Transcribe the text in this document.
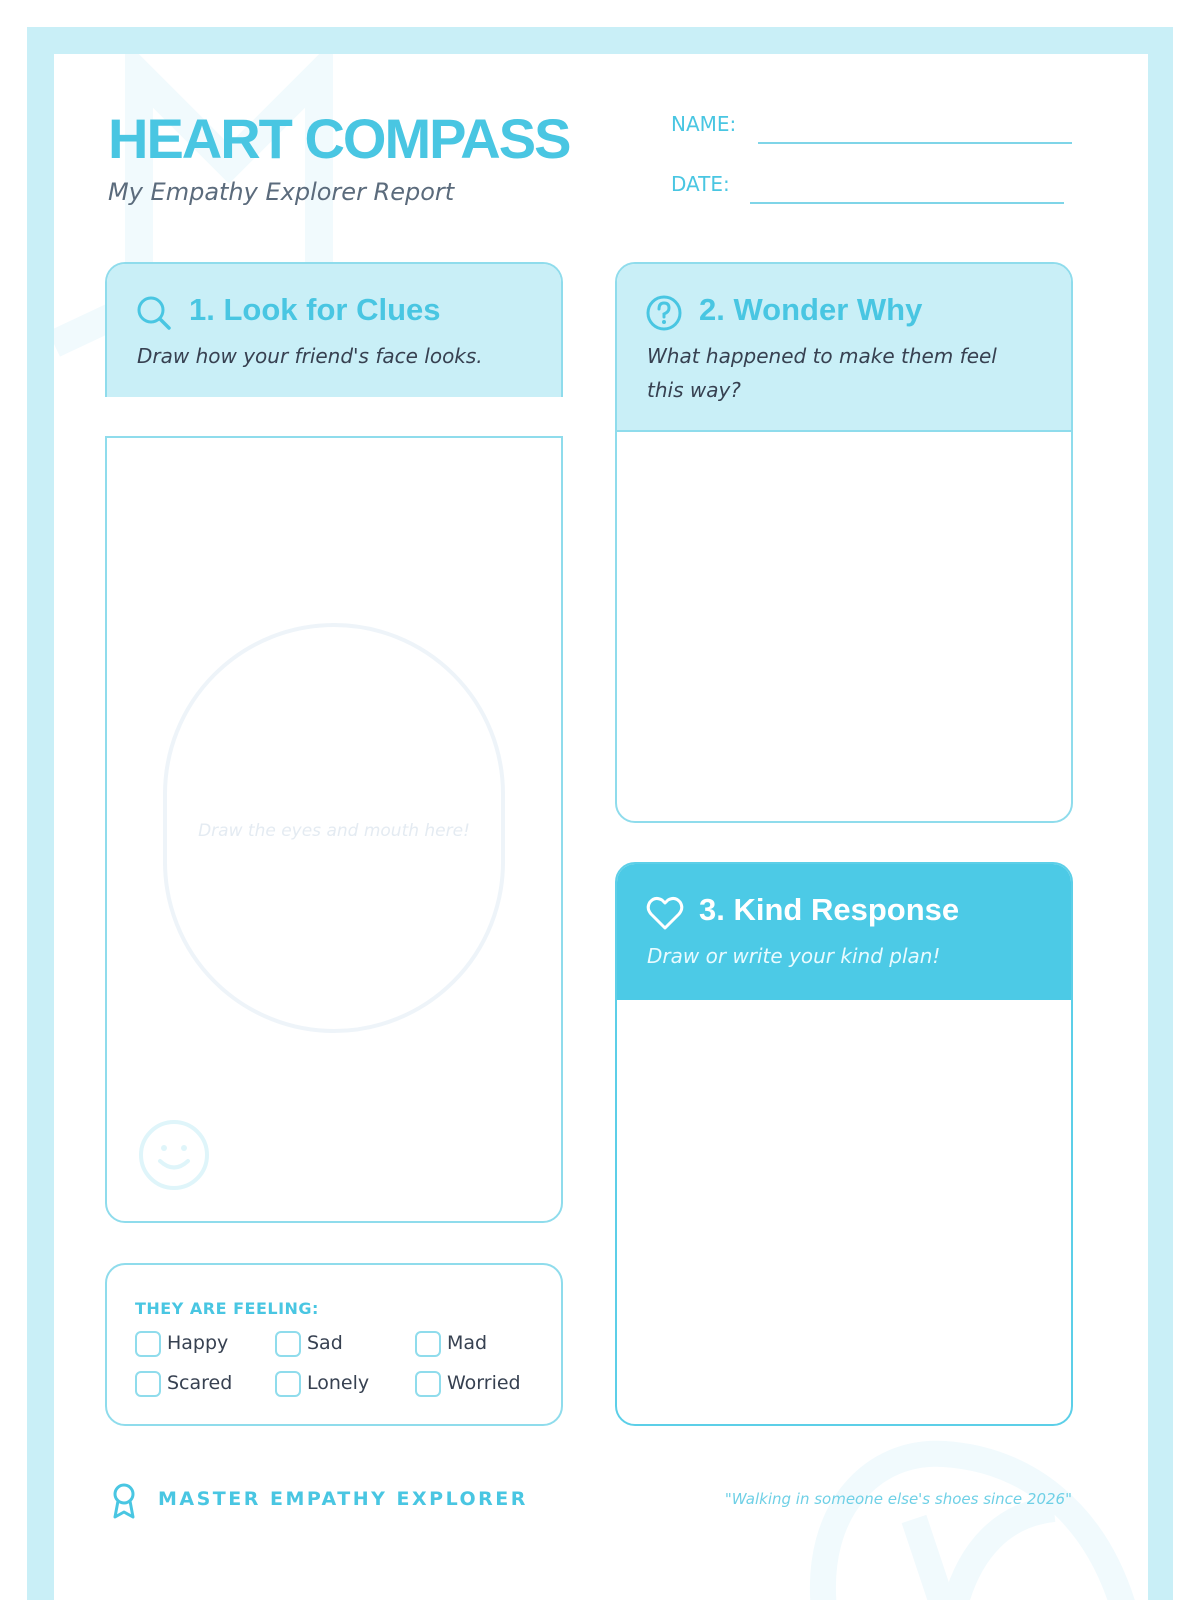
HEART COMPASS
My Empathy Explorer Report
NAME:
DATE:
1. Look for Clues
Draw how your friend's face looks.
Draw the eyes and mouth here!
THEY ARE FEELING:
Happy	Sad	Mad
Scared	Lonely	Worried
2. Wonder Why
What happened to make them feel this way?
3. Kind Response
Draw or write your kind plan!
MASTER EMPATHY EXPLORER	"Walking in someone else's shoes since 2026"
